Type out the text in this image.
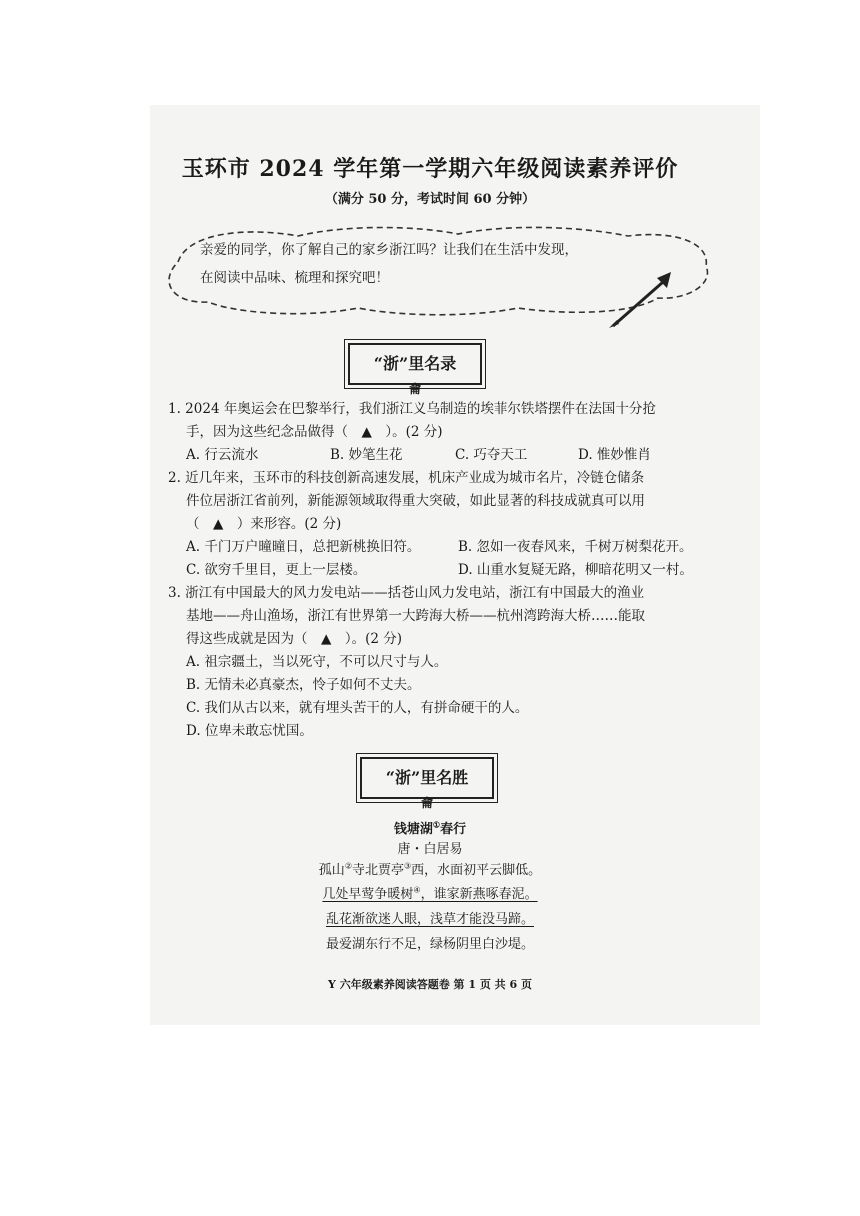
玉环市 2024 学年第一学期六年级阅读素养评价
（满分 50 分，考试时间 60 分钟）
亲爱的同学，你了解自己的家乡浙江吗？让我们在生活中发现，
在阅读中品味、梳理和探究吧！
“浙”里名录
龠
1. 2024 年奥运会在巴黎举行，我们浙江义乌制造的埃菲尔铁塔摆件在法国十分抢
手，因为这些纪念品做得（　▲　）。(2 分)
A. 行云流水	B. 妙笔生花	C. 巧夺天工	D. 惟妙惟肖
2. 近几年来，玉环市的科技创新高速发展，机床产业成为城市名片，冷链仓储条
件位居浙江省前列，新能源领域取得重大突破，如此显著的科技成就真可以用
（　▲　）来形容。(2 分)
A. 千门万户曈曈日，总把新桃换旧符。	B. 忽如一夜春风来，千树万树梨花开。
C. 欲穷千里目，更上一层楼。	D. 山重水复疑无路，柳暗花明又一村。
3. 浙江有中国最大的风力发电站——括苍山风力发电站，浙江有中国最大的渔业
基地——舟山渔场，浙江有世界第一大跨海大桥——杭州湾跨海大桥……能取
得这些成就是因为（　▲　）。(2 分)
A. 祖宗疆土，当以死守，不可以尺寸与人。
B. 无情未必真豪杰，怜子如何不丈夫。
C. 我们从古以来，就有埋头苦干的人，有拼命硬干的人。
D. 位卑未敢忘忧国。
“浙”里名胜
龠
钱塘湖①春行
唐・白居易
孤山②寺北贾亭③西，水面初平云脚低。
几处早莺争暖树④，谁家新燕啄春泥。
乱花渐欲迷人眼，浅草才能没马蹄。
最爱湖东行不足，绿杨阴里白沙堤。
Y 六年级素养阅读答题卷 第 1 页 共 6 页
